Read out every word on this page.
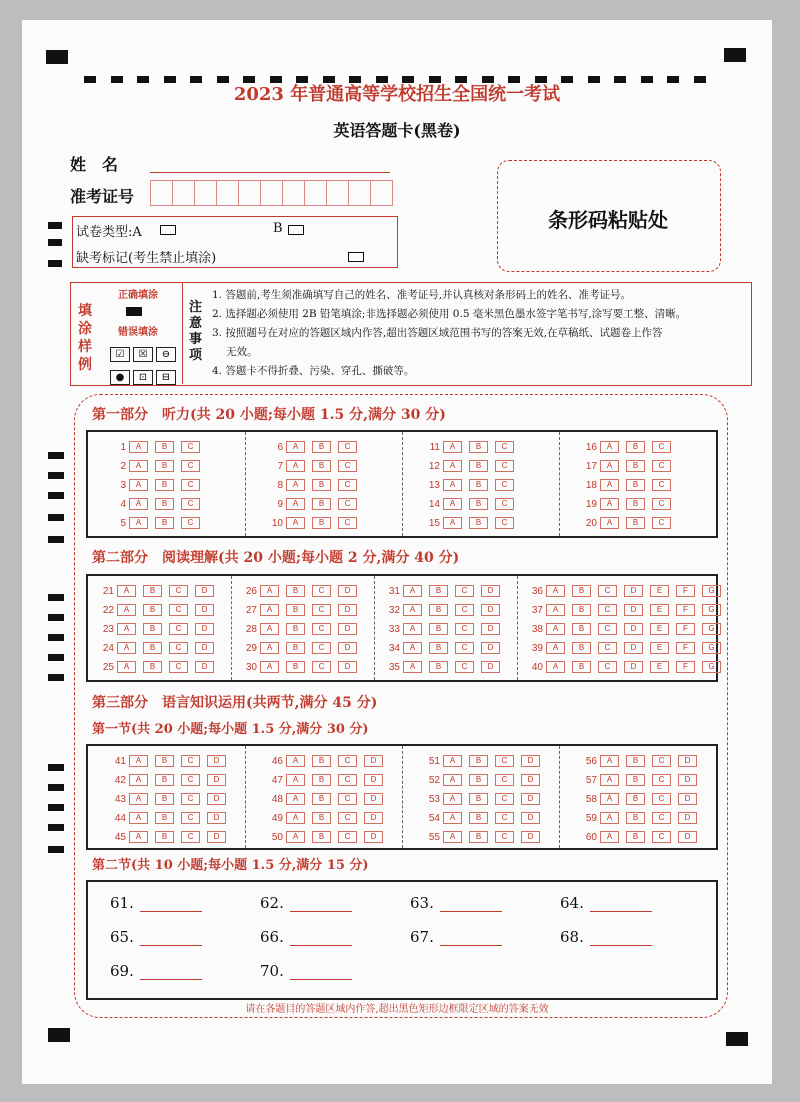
2023 年普通高等学校招生全国统一考试
英语答题卡(黑卷)
姓　名
准考证号
试卷类型:A	B
缺考标记(考生禁止填涂)
条形码粘贴处
填涂样例
正确填涂
错误填涂
☑ ☒ ⊖● ⊡ ⊟
注意事项
1. 答题前,考生须准确填写自己的姓名、准考证号,并认真核对条形码上的姓名、准考证号。
2. 选择题必须使用 2B 铅笔填涂;非选择题必须使用 0.5 毫米黑色墨水签字笔书写,涂写要工整、清晰。
3. 按照题号在对应的答题区域内作答,超出答题区域范围书写的答案无效,在草稿纸、试题卷上作答
无效。
4. 答题卡不得折叠、污染、穿孔、撕破等。
第一部分　听力(共 20 小题;每小题 1.5 分,满分 30 分)
1	A	B	C
2	A	B	C
3	A	B	C
4	A	B	C
5	A	B	C
6	A	B	C
7	A	B	C
8	A	B	C
9	A	B	C
10	A	B	C
11	A	B	C
12	A	B	C
13	A	B	C
14	A	B	C
15	A	B	C
16	A	B	C
17	A	B	C
18	A	B	C
19	A	B	C
20	A	B	C
第二部分　阅读理解(共 20 小题;每小题 2 分,满分 40 分)
21	A	B	C	D
22	A	B	C	D
23	A	B	C	D
24	A	B	C	D
25	A	B	C	D
26	A	B	C	D
27	A	B	C	D
28	A	B	C	D
29	A	B	C	D
30	A	B	C	D
31	A	B	C	D
32	A	B	C	D
33	A	B	C	D
34	A	B	C	D
35	A	B	C	D
36	A	B	C	D	E	F	G
37	A	B	C	D	E	F	G
38	A	B	C	D	E	F	G
39	A	B	C	D	E	F	G
40	A	B	C	D	E	F	G
第三部分　语言知识运用(共两节,满分 45 分)
第一节(共 20 小题;每小题 1.5 分,满分 30 分)
41	A	B	C	D
42	A	B	C	D
43	A	B	C	D
44	A	B	C	D
45	A	B	C	D
46	A	B	C	D
47	A	B	C	D
48	A	B	C	D
49	A	B	C	D
50	A	B	C	D
51	A	B	C	D
52	A	B	C	D
53	A	B	C	D
54	A	B	C	D
55	A	B	C	D
56	A	B	C	D
57	A	B	C	D
58	A	B	C	D
59	A	B	C	D
60	A	B	C	D
第二节(共 10 小题;每小题 1.5 分,满分 15 分)
61.	62.	63.	64.
65.	66.	67.	68.
69.	70.
请在各题目的答题区域内作答,超出黑色矩形边框限定区域的答案无效
